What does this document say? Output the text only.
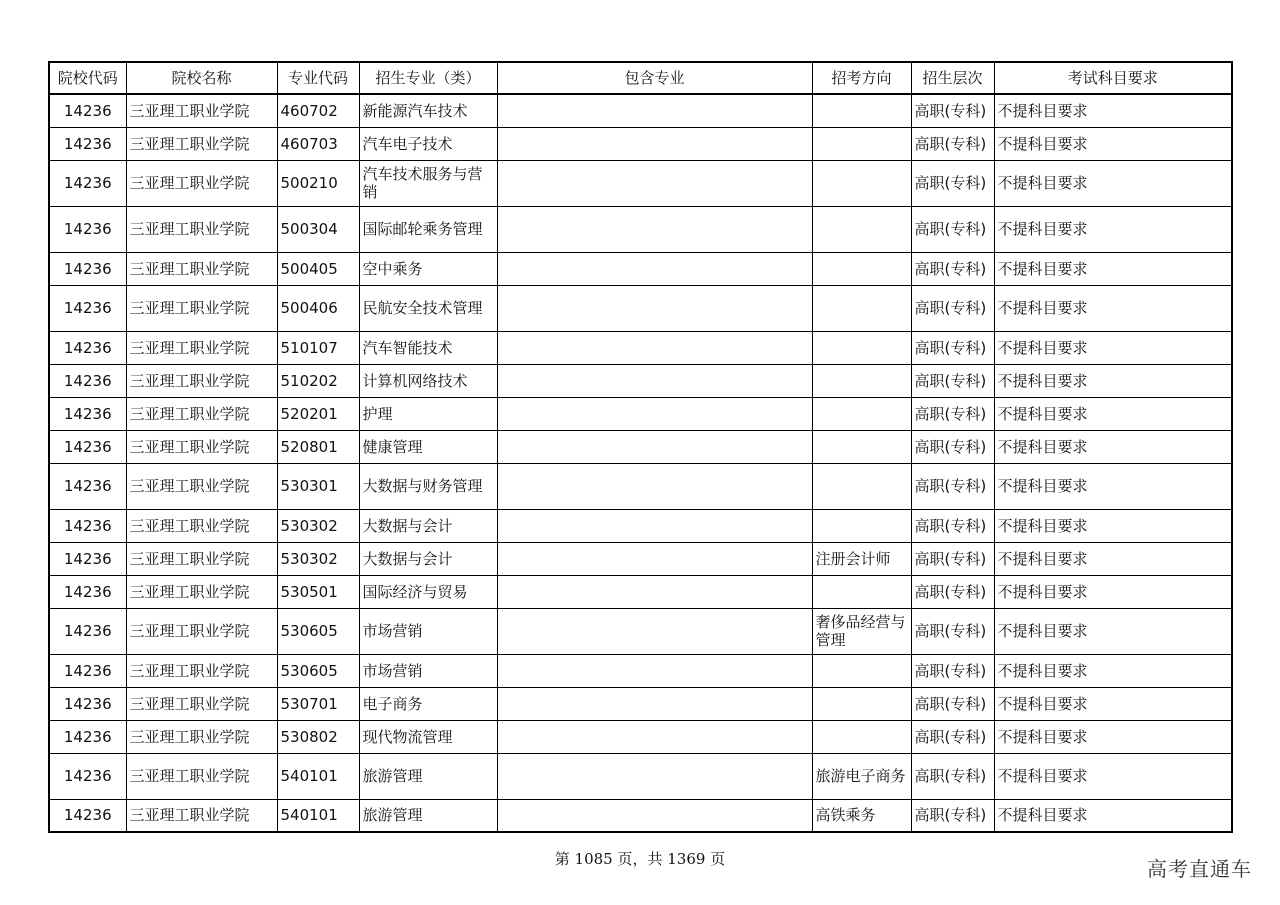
院校代码	院校名称	专业代码	招生专业（类）	包含专业	招考方向	招生层次	考试科目要求
14236	三亚理工职业学院	460702	新能源汽车技术			高职(专科)	不提科目要求
14236	三亚理工职业学院	460703	汽车电子技术			高职(专科)	不提科目要求
14236	三亚理工职业学院	500210	汽车技术服务与营销			高职(专科)	不提科目要求
14236	三亚理工职业学院	500304	国际邮轮乘务管理			高职(专科)	不提科目要求
14236	三亚理工职业学院	500405	空中乘务			高职(专科)	不提科目要求
14236	三亚理工职业学院	500406	民航安全技术管理			高职(专科)	不提科目要求
14236	三亚理工职业学院	510107	汽车智能技术			高职(专科)	不提科目要求
14236	三亚理工职业学院	510202	计算机网络技术			高职(专科)	不提科目要求
14236	三亚理工职业学院	520201	护理			高职(专科)	不提科目要求
14236	三亚理工职业学院	520801	健康管理			高职(专科)	不提科目要求
14236	三亚理工职业学院	530301	大数据与财务管理			高职(专科)	不提科目要求
14236	三亚理工职业学院	530302	大数据与会计			高职(专科)	不提科目要求
14236	三亚理工职业学院	530302	大数据与会计		注册会计师	高职(专科)	不提科目要求
14236	三亚理工职业学院	530501	国际经济与贸易			高职(专科)	不提科目要求
14236	三亚理工职业学院	530605	市场营销		奢侈品经营与管理	高职(专科)	不提科目要求
14236	三亚理工职业学院	530605	市场营销			高职(专科)	不提科目要求
14236	三亚理工职业学院	530701	电子商务			高职(专科)	不提科目要求
14236	三亚理工职业学院	530802	现代物流管理			高职(专科)	不提科目要求
14236	三亚理工职业学院	540101	旅游管理		旅游电子商务	高职(专科)	不提科目要求
14236	三亚理工职业学院	540101	旅游管理		高铁乘务	高职(专科)	不提科目要求
第 1085 页，共 1369 页	高考直通车
